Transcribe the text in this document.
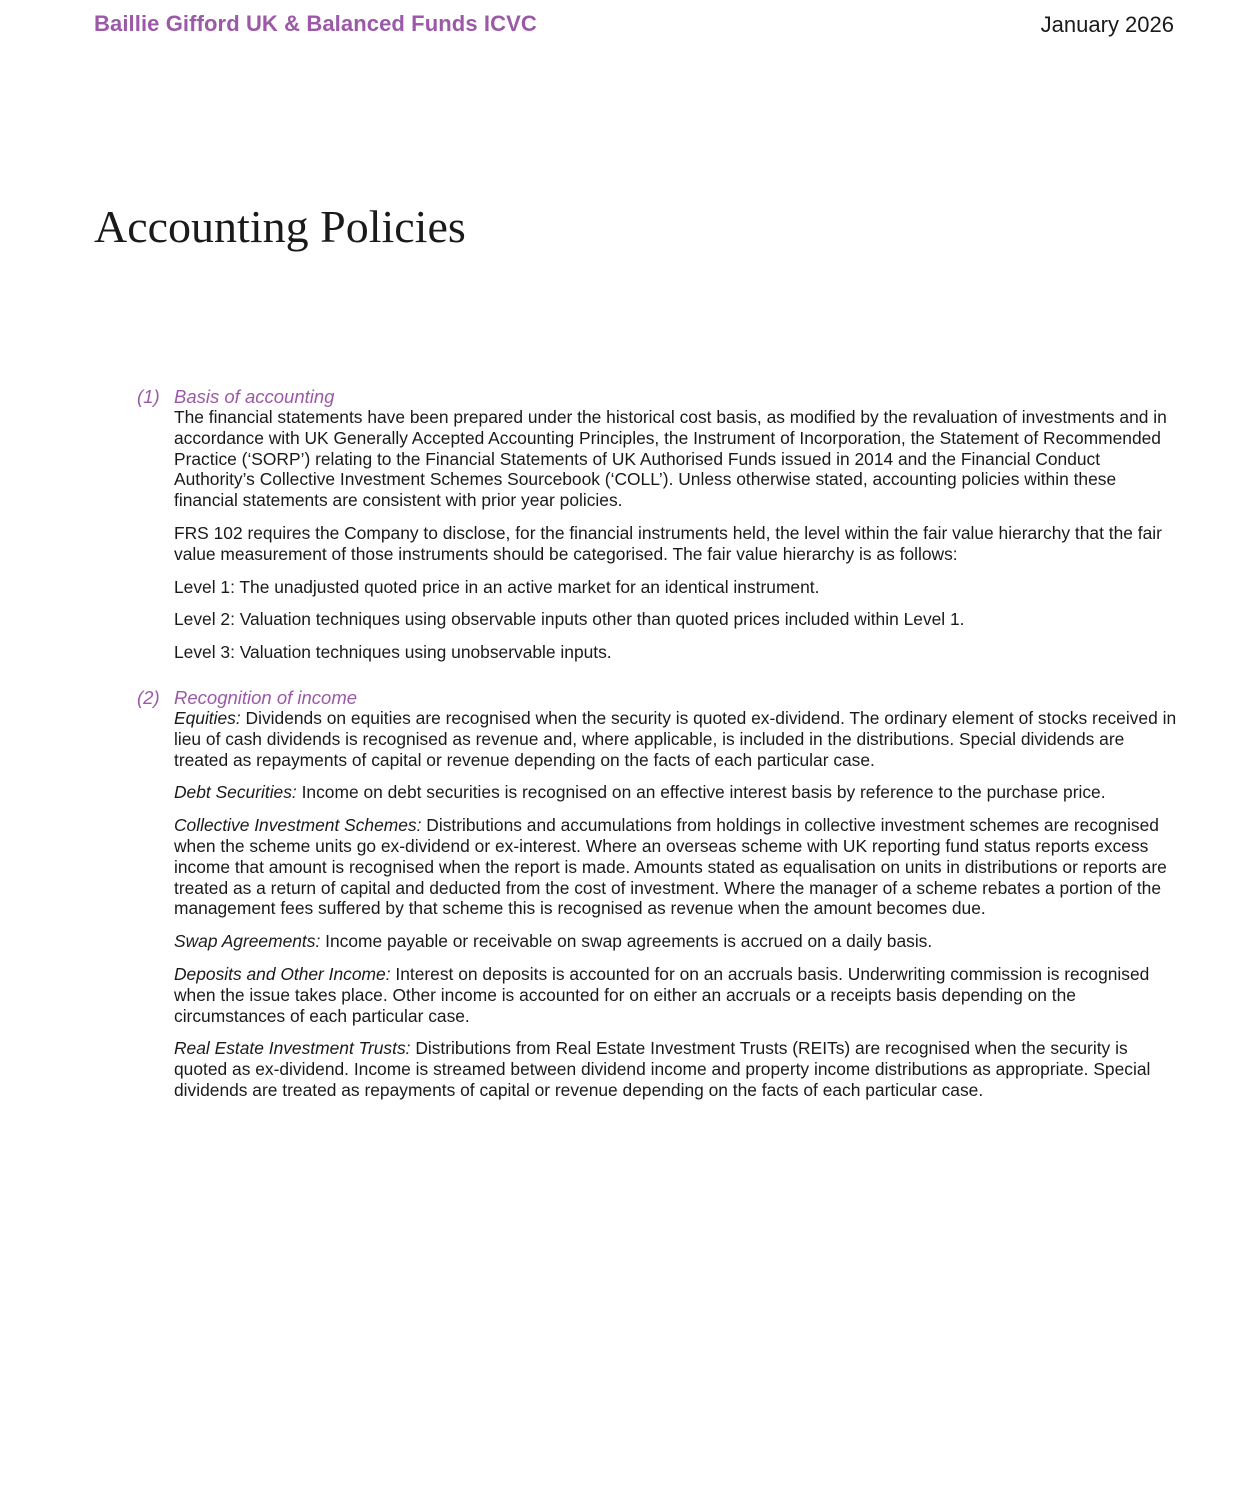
Baillie Gifford UK & Balanced Funds ICVC	January 2026
Accounting Policies
(1) Basis of accounting

The financial statements have been prepared under the historical cost basis, as modified by the revaluation of investments and in accordance with UK Generally Accepted Accounting Principles, the Instrument of Incorporation, the Statement of Recommended Practice (‘SORP’) relating to the Financial Statements of UK Authorised Funds issued in 2014 and the Financial Conduct Authority’s Collective Investment Schemes Sourcebook (‘COLL’). Unless otherwise stated, accounting policies within these financial statements are consistent with prior year policies.

FRS 102 requires the Company to disclose, for the financial instruments held, the level within the fair value hierarchy that the fair value measurement of those instruments should be categorised. The fair value hierarchy is as follows:

Level 1: The unadjusted quoted price in an active market for an identical instrument.

Level 2: Valuation techniques using observable inputs other than quoted prices included within Level 1.

Level 3: Valuation techniques using unobservable inputs.

(2) Recognition of income

Equities: Dividends on equities are recognised when the security is quoted ex-dividend. The ordinary element of stocks received in lieu of cash dividends is recognised as revenue and, where applicable, is included in the distributions. Special dividends are treated as repayments of capital or revenue depending on the facts of each particular case.

Debt Securities: Income on debt securities is recognised on an effective interest basis by reference to the purchase price.

Collective Investment Schemes: Distributions and accumulations from holdings in collective investment schemes are recognised when the scheme units go ex-dividend or ex-interest. Where an overseas scheme with UK reporting fund status reports excess income that amount is recognised when the report is made. Amounts stated as equalisation on units in distributions or reports are treated as a return of capital and deducted from the cost of investment. Where the manager of a scheme rebates a portion of the management fees suffered by that scheme this is recognised as revenue when the amount becomes due.

Swap Agreements: Income payable or receivable on swap agreements is accrued on a daily basis.

Deposits and Other Income: Interest on deposits is accounted for on an accruals basis. Underwriting commission is recognised when the issue takes place. Other income is accounted for on either an accruals or a receipts basis depending on the circumstances of each particular case.

Real Estate Investment Trusts: Distributions from Real Estate Investment Trusts (REITs) are recognised when the security is quoted as ex-dividend. Income is streamed between dividend income and property income distributions as appropriate. Special dividends are treated as repayments of capital or revenue depending on the facts of each particular case.
